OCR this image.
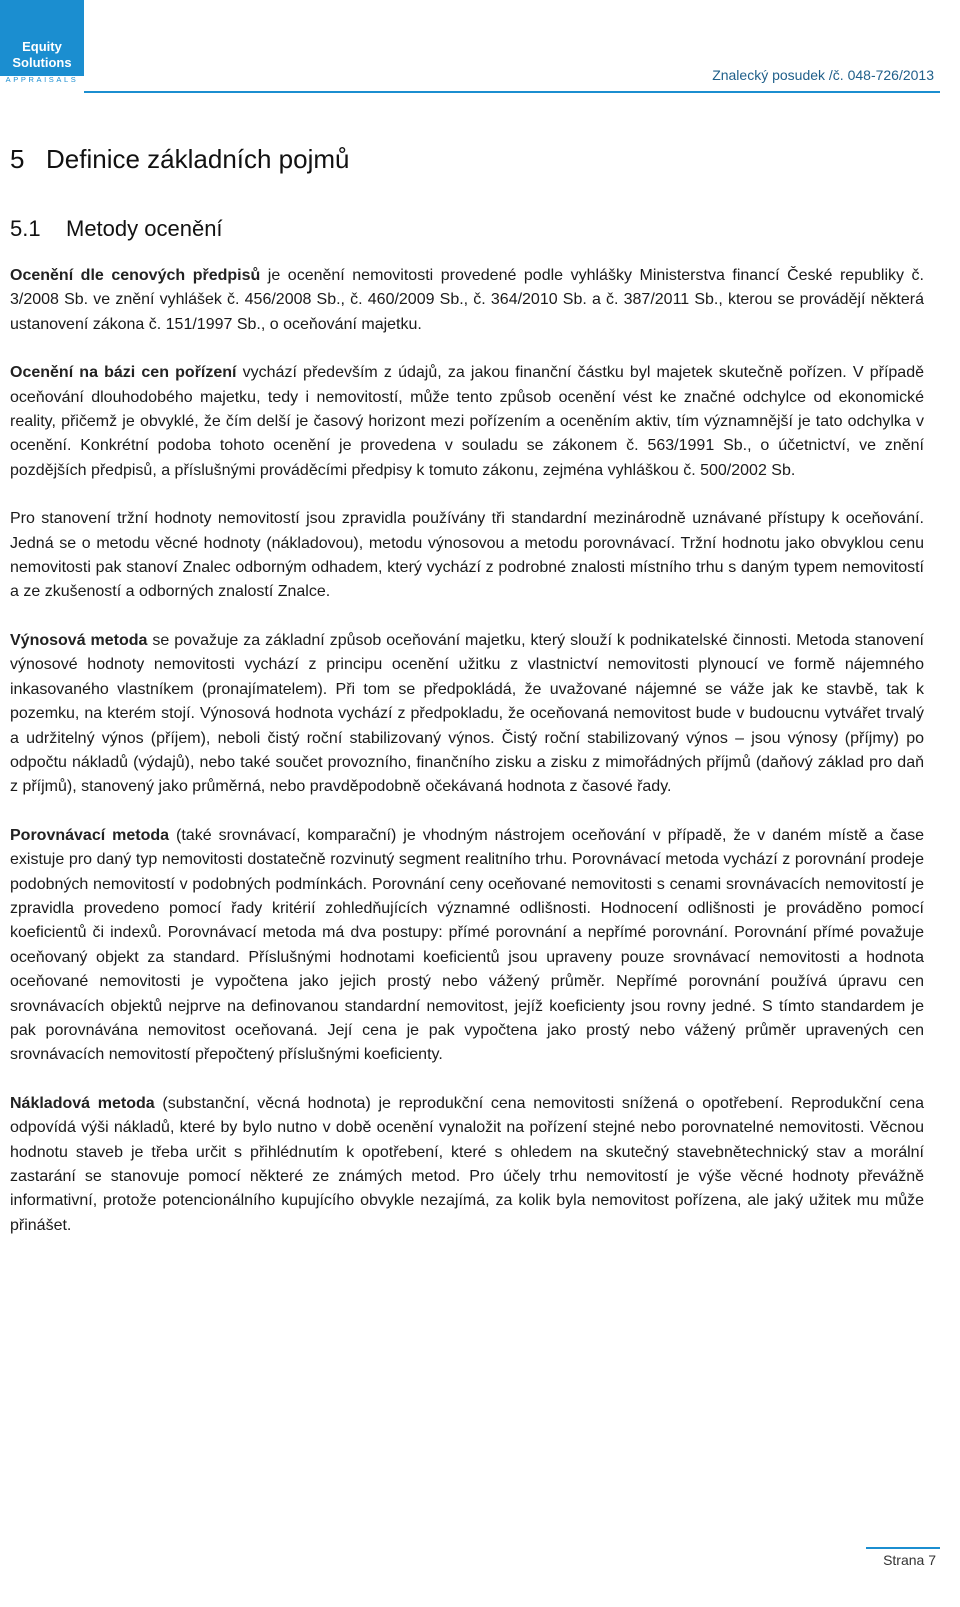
Equity
Solutions
APPRAISALS	Znalecký posudek /č. 048-726/2013
5 Definice základních pojmů
5.1 Metody ocenění

Ocenění dle cenových předpisů je ocenění nemovitosti provedené podle vyhlášky Ministerstva financí České republiky č. 3/2008 Sb. ve znění vyhlášek č. 456/2008 Sb., č. 460/2009 Sb., č. 364/2010 Sb. a č. 387/2011 Sb., kterou se provádějí některá ustanovení zákona č. 151/1997 Sb., o oceňování majetku.

Ocenění na bázi cen pořízení vychází především z údajů, za jakou finanční částku byl majetek skutečně pořízen. V případě oceňování dlouhodobého majetku, tedy i nemovitostí, může tento způsob ocenění vést ke značné odchylce od ekonomické reality, přičemž je obvyklé, že čím delší je časový horizont mezi pořízením a oceněním aktiv, tím významnější je tato odchylka v ocenění. Konkrétní podoba tohoto ocenění je provedena v souladu se zákonem č. 563/1991 Sb., o účetnictví, ve znění pozdějších předpisů, a příslušnými prováděcími předpisy k tomuto zákonu, zejména vyhláškou č. 500/2002 Sb.

Pro stanovení tržní hodnoty nemovitostí jsou zpravidla používány tři standardní mezinárodně uznávané přístupy k oceňování. Jedná se o metodu věcné hodnoty (nákladovou), metodu výnosovou a metodu porovnávací. Tržní hodnotu jako obvyklou cenu nemovitosti pak stanoví Znalec odborným odhadem, který vychází z podrobné znalosti místního trhu s daným typem nemovitostí a ze zkušeností a odborných znalostí Znalce.

Výnosová metoda se považuje za základní způsob oceňování majetku, který slouží k podnikatelské činnosti. Metoda stanovení výnosové hodnoty nemovitosti vychází z principu ocenění užitku z vlastnictví nemovitosti plynoucí ve formě nájemného inkasovaného vlastníkem (pronajímatelem). Při tom se předpokládá, že uvažované nájemné se váže jak ke stavbě, tak k pozemku, na kterém stojí. Výnosová hodnota vychází z předpokladu, že oceňovaná nemovitost bude v budoucnu vytvářet trvalý a udržitelný výnos (příjem), neboli čistý roční stabilizovaný výnos. Čistý roční stabilizovaný výnos – jsou výnosy (příjmy) po odpočtu nákladů (výdajů), nebo také součet provozního, finančního zisku a zisku z mimořádných příjmů (daňový základ pro daň z příjmů), stanovený jako průměrná, nebo pravděpodobně očekávaná hodnota z časové řady.

Porovnávací metoda (také srovnávací, komparační) je vhodným nástrojem oceňování v případě, že v daném místě a čase existuje pro daný typ nemovitosti dostatečně rozvinutý segment realitního trhu. Porovnávací metoda vychází z porovnání prodeje podobných nemovitostí v podobných podmínkách. Porovnání ceny oceňované nemovitosti s cenami srovnávacích nemovitostí je zpravidla provedeno pomocí řady kritérií zohledňujících významné odlišnosti. Hodnocení odlišnosti je prováděno pomocí koeficientů či indexů. Porovnávací metoda má dva postupy: přímé porovnání a nepřímé porovnání. Porovnání přímé považuje oceňovaný objekt za standard. Příslušnými hodnotami koeficientů jsou upraveny pouze srovnávací nemovitosti a hodnota oceňované nemovitosti je vypočtena jako jejich prostý nebo vážený průměr. Nepřímé porovnání používá úpravu cen srovnávacích objektů nejprve na definovanou standardní nemovitost, jejíž koeficienty jsou rovny jedné. S tímto standardem je pak porovnávána nemovitost oceňovaná. Její cena je pak vypočtena jako prostý nebo vážený průměr upravených cen srovnávacích nemovitostí přepočtený příslušnými koeficienty.

Nákladová metoda (substanční, věcná hodnota) je reprodukční cena nemovitosti snížená o opotřebení. Reprodukční cena odpovídá výši nákladů, které by bylo nutno v době ocenění vynaložit na pořízení stejné nebo porovnatelné nemovitosti. Věcnou hodnotu staveb je třeba určit s přihlédnutím k opotřebení, které s ohledem na skutečný stavebnětechnický stav a morální zastarání se stanovuje pomocí některé ze známých metod. Pro účely trhu nemovitostí je výše věcné hodnoty převážně informativní, protože potencionálního kupujícího obvykle nezajímá, za kolik byla nemovitost pořízena, ale jaký užitek mu může přinášet.

Strana 7
